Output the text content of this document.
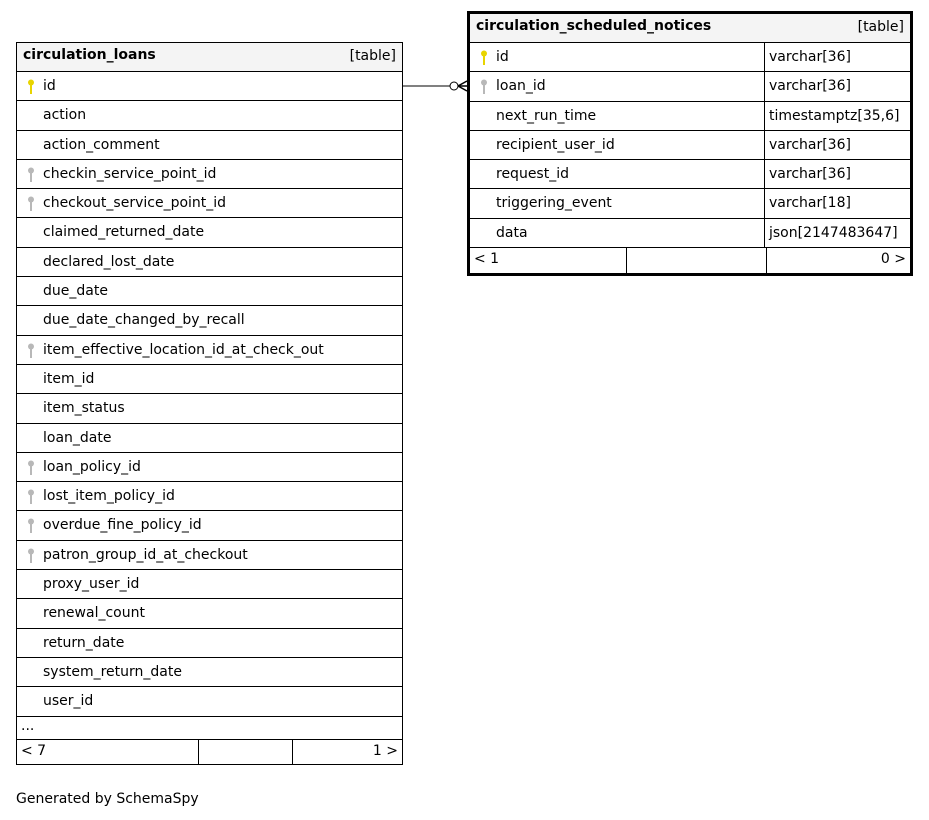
circulation_loans	[table]
id
action
action_comment
checkin_service_point_id
checkout_service_point_id
claimed_returned_date
declared_lost_date
due_date
due_date_changed_by_recall
item_effective_location_id_at_check_out
item_id
item_status
loan_date
loan_policy_id
lost_item_policy_id
overdue_fine_policy_id
patron_group_id_at_checkout
proxy_user_id
renewal_count
return_date
system_return_date
user_id
...
< 7	1 >
circulation_scheduled_notices	[table]
id	varchar[36]
loan_id	varchar[36]
next_run_time	timestamptz[35,6]
recipient_user_id	varchar[36]
request_id	varchar[36]
triggering_event	varchar[18]
data	json[2147483647]
< 1	0 >
Generated by SchemaSpy
